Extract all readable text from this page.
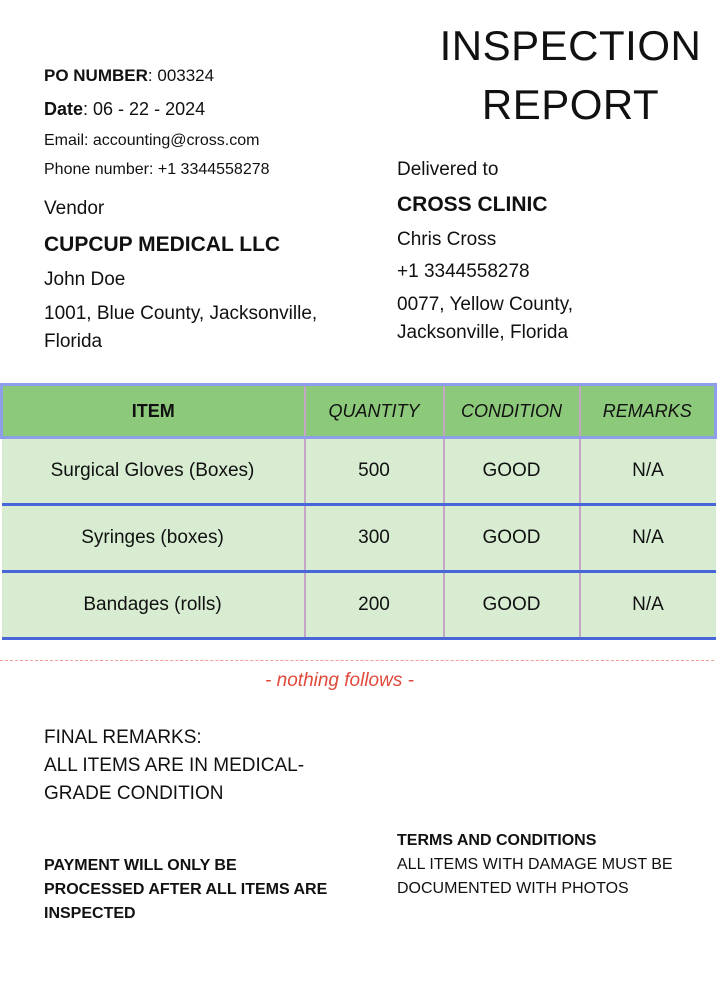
INSPECTION
REPORT
PO NUMBER: 003324
Date: 06 - 22 - 2024
Email: accounting@cross.com
Phone number: +1 3344558278
Vendor
CUPCUP MEDICAL LLC
John Doe
1001, Blue County, Jacksonville,
Florida
Delivered to
CROSS CLINIC
Chris Cross
+1 3344558278
0077, Yellow County,
Jacksonville, Florida
ITEM	QUANTITY	CONDITION	REMARKS
Surgical Gloves (Boxes)	500	GOOD	N/A
Syringes (boxes)	300	GOOD	N/A
Bandages (rolls)	200	GOOD	N/A
- nothing follows -
FINAL REMARKS:
ALL ITEMS ARE IN MEDICAL-
GRADE CONDITION
PAYMENT WILL ONLY BE
PROCESSED AFTER ALL ITEMS ARE
INSPECTED
TERMS AND CONDITIONS
ALL ITEMS WITH DAMAGE MUST BE
DOCUMENTED WITH PHOTOS
